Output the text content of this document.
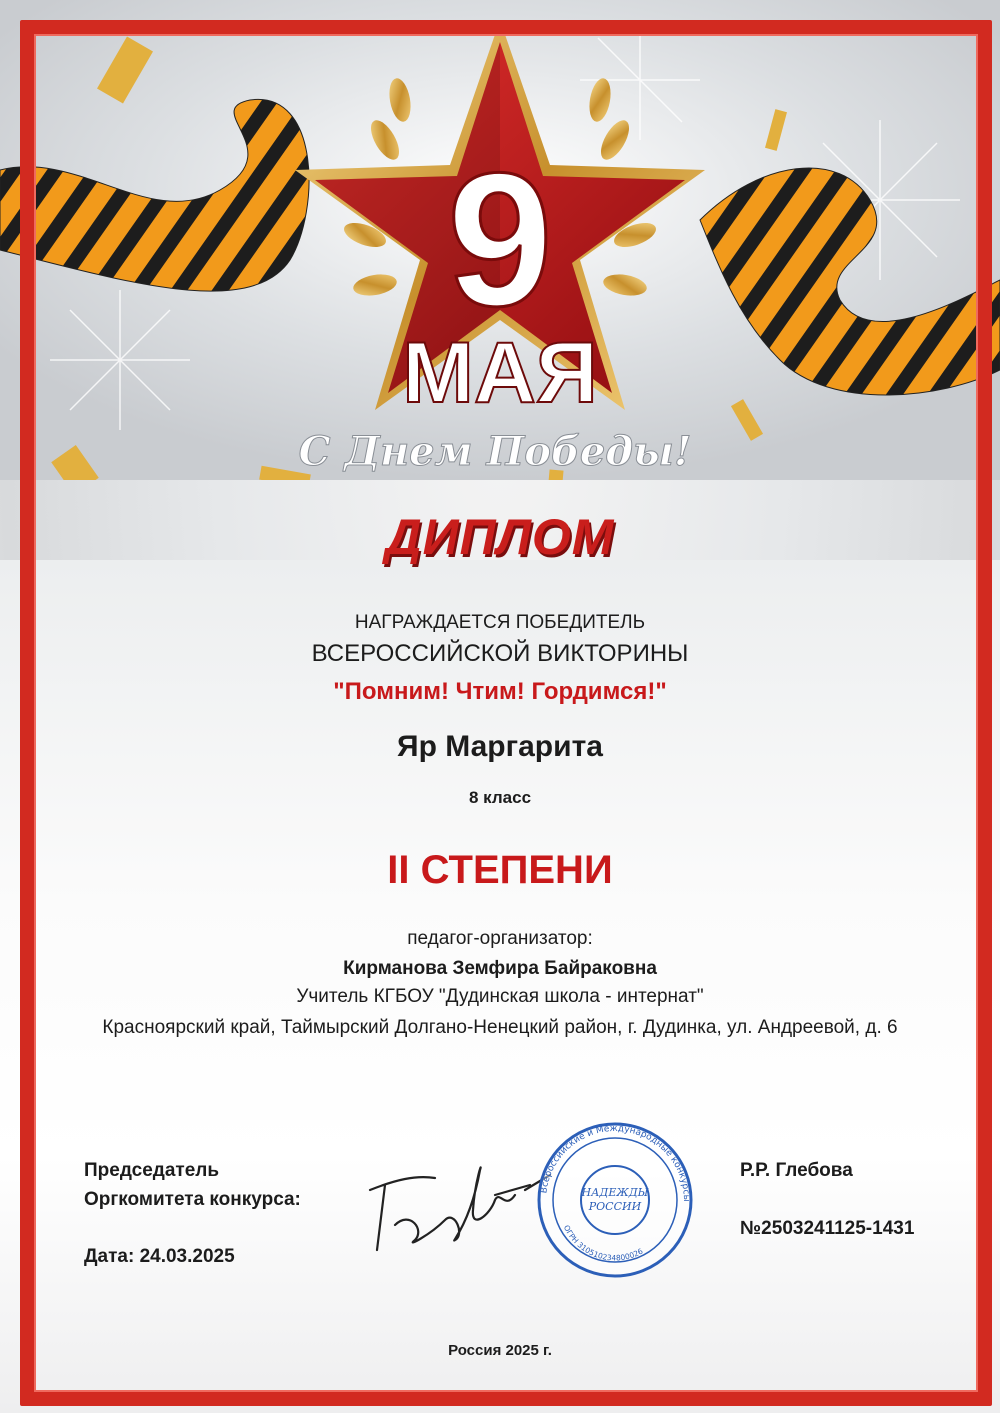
9
МАЯ
С Днем Победы!
ДИПЛОМ
НАГРАЖДАЕТСЯ ПОБЕДИТЕЛЬ
ВСЕРОССИЙСКОЙ ВИКТОРИНЫ
"Помним! Чтим! Гордимся!"
Яр Маргарита
8 класс
II СТЕПЕНИ
педагог-организатор:
Кирманова Земфира Байраковна
Учитель КГБОУ "Дудинская школа - интернат"
Красноярский край, Таймырский Долгано-Ненецкий район, г. Дудинка, ул. Андреевой, д. 6
Председатель
Оргкомитета конкурса:
Дата: 24.03.2025
НАДЕЖДЫ
РОССИИ
Всероссийские и Международные конкурсы
ОГРН 310510234800026
Р.Р. Глебова
№2503241125-1431
Россия 2025 г.
